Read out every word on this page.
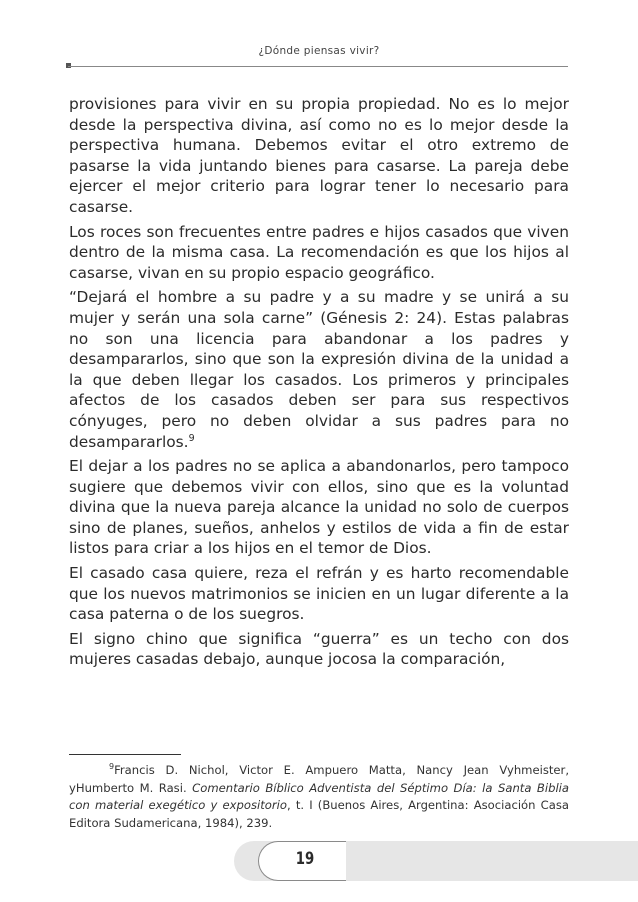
¿Dónde piensas vivir?

provisiones para vivir en su propia propiedad. No es lo mejor desde la perspectiva divina, así como no es lo mejor desde la perspectiva humana. Debemos evitar el otro extremo de pasarse la vida juntando bienes para casarse. La pareja debe ejercer el mejor criterio para lograr tener lo necesario para casarse.

Los roces son frecuentes entre padres e hijos casados que viven dentro de la misma casa. La recomendación es que los hijos al casarse, vivan en su propio espacio geográfico.

“Dejará el hombre a su padre y a su madre y se unirá a su mujer y serán una sola carne” (Génesis 2: 24). Estas palabras no son una licencia para abandonar a los padres y desampararlos, sino que son la expresión divina de la unidad a la que deben llegar los casados. Los primeros y principales afectos de los casados deben ser para sus respectivos cónyuges, pero no deben olvidar a sus padres para no desampararlos.$^9$

El dejar a los padres no se aplica a abandonarlos, pero tampoco sugiere que debemos vivir con ellos, sino que es la voluntad divina que la nueva pareja alcance la unidad no solo de cuerpos sino de planes, sueños, anhelos y estilos de vida a fin de estar listos para criar a los hijos en el temor de Dios.

El casado casa quiere, reza el refrán y es harto recomendable que los nuevos matrimonios se inicien en un lugar diferente a la casa paterna o de los suegros.

El signo chino que significa “guerra” es un techo con dos mujeres casadas debajo, aunque jocosa la comparación,

$^9$Francis D. Nichol, Victor E. Ampuero Matta, Nancy Jean Vyhmeister, yHumberto M. Rasi. Comentario Bíblico Adventista del Séptimo Día: la Santa Biblia con material exegético y expositorio, t. I (Buenos Aires, Argentina: Asociación Casa Editora Sudamericana, 1984), 239.
19
